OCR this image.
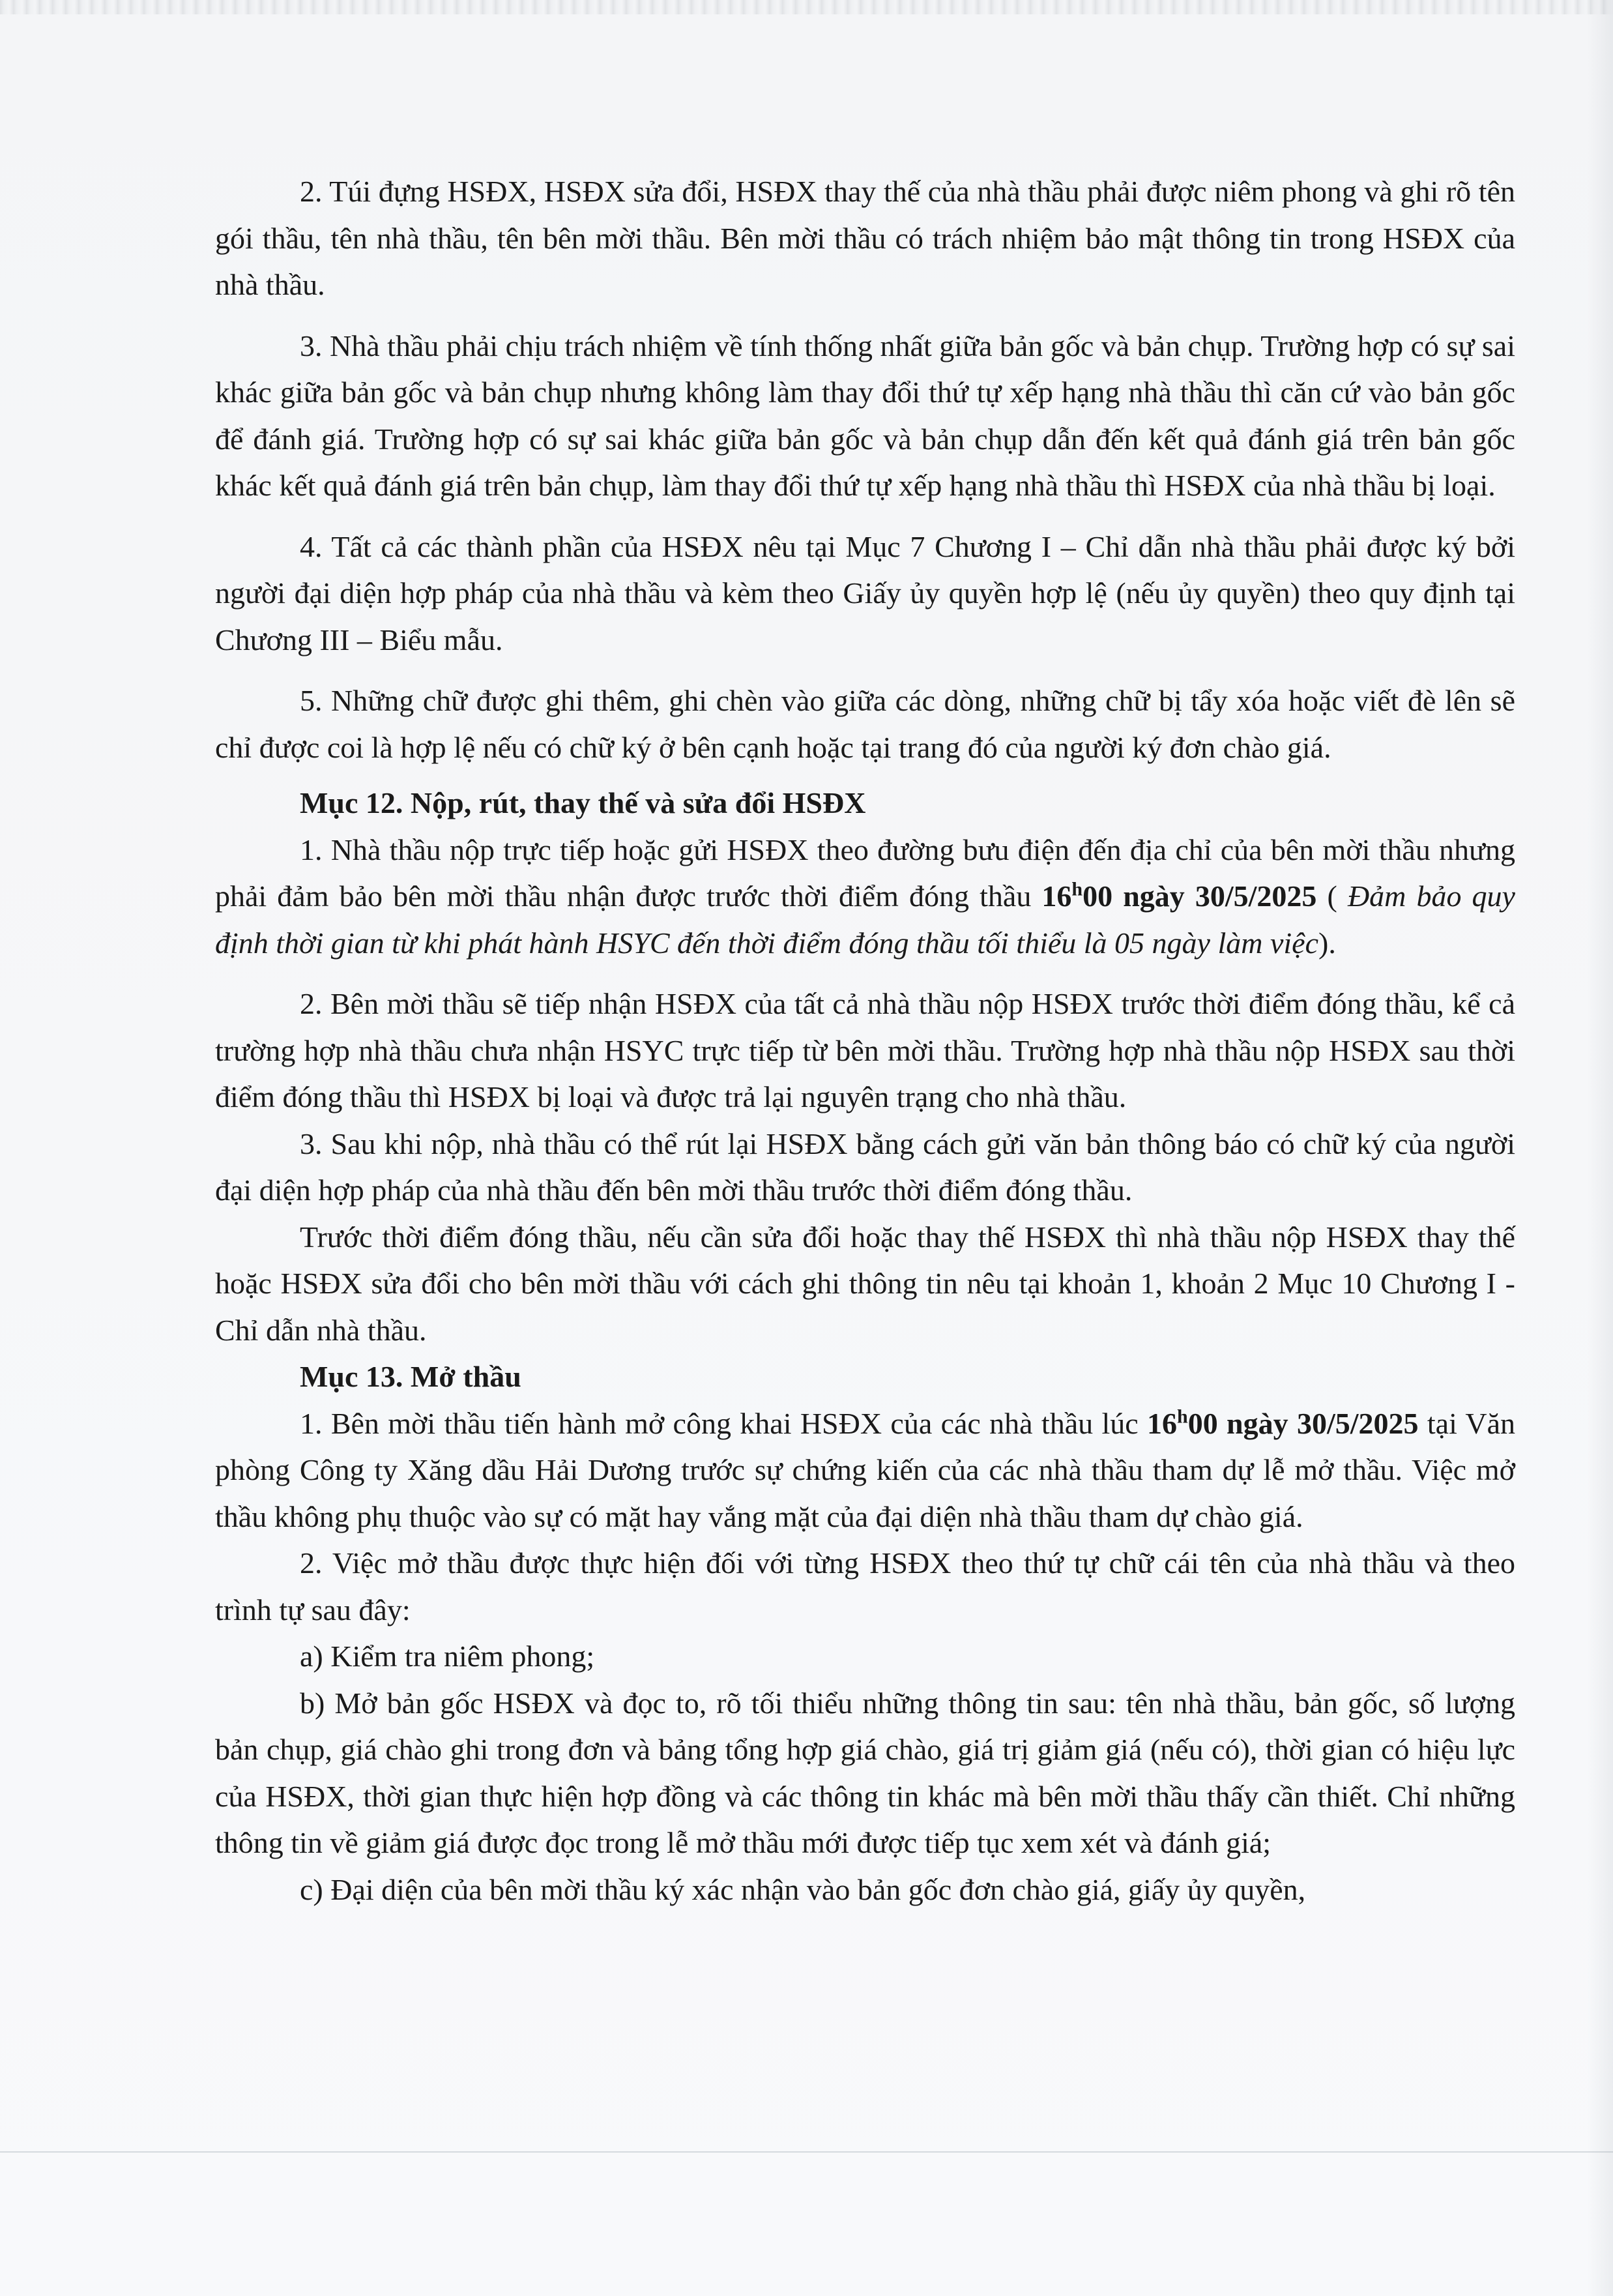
2. Túi đựng HSĐX, HSĐX sửa đổi, HSĐX thay thế của nhà thầu phải được niêm phong và ghi rõ tên gói thầu, tên nhà thầu, tên bên mời thầu. Bên mời thầu có trách nhiệm bảo mật thông tin trong HSĐX của nhà thầu.

3. Nhà thầu phải chịu trách nhiệm về tính thống nhất giữa bản gốc và bản chụp. Trường hợp có sự sai khác giữa bản gốc và bản chụp nhưng không làm thay đổi thứ tự xếp hạng nhà thầu thì căn cứ vào bản gốc để đánh giá. Trường hợp có sự sai khác giữa bản gốc và bản chụp dẫn đến kết quả đánh giá trên bản gốc khác kết quả đánh giá trên bản chụp, làm thay đổi thứ tự xếp hạng nhà thầu thì HSĐX của nhà thầu bị loại.

4. Tất cả các thành phần của HSĐX nêu tại Mục 7 Chương I – Chỉ dẫn nhà thầu phải được ký bởi người đại diện hợp pháp của nhà thầu và kèm theo Giấy ủy quyền hợp lệ (nếu ủy quyền) theo quy định tại Chương III – Biểu mẫu.

5. Những chữ được ghi thêm, ghi chèn vào giữa các dòng, những chữ bị tẩy xóa hoặc viết đè lên sẽ chỉ được coi là hợp lệ nếu có chữ ký ở bên cạnh hoặc tại trang đó của người ký đơn chào giá.

Mục 12. Nộp, rút, thay thế và sửa đổi HSĐX

1. Nhà thầu nộp trực tiếp hoặc gửi HSĐX theo đường bưu điện đến địa chỉ của bên mời thầu nhưng phải đảm bảo bên mời thầu nhận được trước thời điểm đóng thầu 16$^h$00 ngày 30/5/2025 ( Đảm bảo quy định thời gian từ khi phát hành HSYC đến thời điểm đóng thầu tối thiểu là 05 ngày làm việc).

2. Bên mời thầu sẽ tiếp nhận HSĐX của tất cả nhà thầu nộp HSĐX trước thời điểm đóng thầu, kể cả trường hợp nhà thầu chưa nhận HSYC trực tiếp từ bên mời thầu. Trường hợp nhà thầu nộp HSĐX sau thời điểm đóng thầu thì HSĐX bị loại và được trả lại nguyên trạng cho nhà thầu.

3. Sau khi nộp, nhà thầu có thể rút lại HSĐX bằng cách gửi văn bản thông báo có chữ ký của người đại diện hợp pháp của nhà thầu đến bên mời thầu trước thời điểm đóng thầu.

Trước thời điểm đóng thầu, nếu cần sửa đổi hoặc thay thế HSĐX thì nhà thầu nộp HSĐX thay thế hoặc HSĐX sửa đổi cho bên mời thầu với cách ghi thông tin nêu tại khoản 1, khoản 2 Mục 10 Chương I - Chỉ dẫn nhà thầu.

Mục 13. Mở thầu

1. Bên mời thầu tiến hành mở công khai HSĐX của các nhà thầu lúc 16$^h$00 ngày 30/5/2025 tại Văn phòng Công ty Xăng dầu Hải Dương trước sự chứng kiến của các nhà thầu tham dự lễ mở thầu. Việc mở thầu không phụ thuộc vào sự có mặt hay vắng mặt của đại diện nhà thầu tham dự chào giá.

2. Việc mở thầu được thực hiện đối với từng HSĐX theo thứ tự chữ cái tên của nhà thầu và theo trình tự sau đây:

a) Kiểm tra niêm phong;

b) Mở bản gốc HSĐX và đọc to, rõ tối thiểu những thông tin sau: tên nhà thầu, bản gốc, số lượng bản chụp, giá chào ghi trong đơn và bảng tổng hợp giá chào, giá trị giảm giá (nếu có), thời gian có hiệu lực của HSĐX, thời gian thực hiện hợp đồng và các thông tin khác mà bên mời thầu thấy cần thiết. Chỉ những thông tin về giảm giá được đọc trong lễ mở thầu mới được tiếp tục xem xét và đánh giá;

c) Đại diện của bên mời thầu ký xác nhận vào bản gốc đơn chào giá, giấy ủy quyền,
